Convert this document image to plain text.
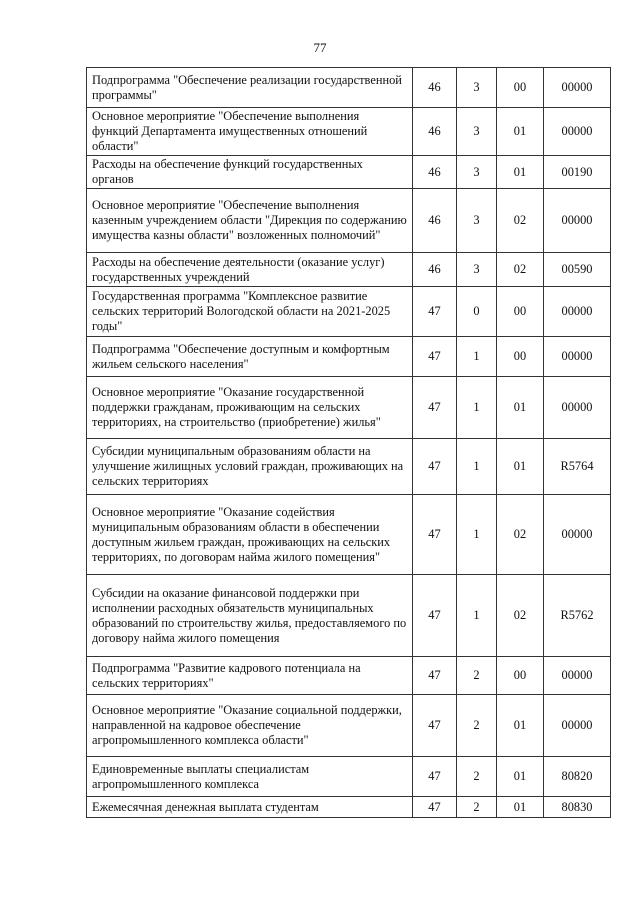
77
Подпрограмма "Обеспечение реализации государственной программы"	46	3	00	00000
Основное мероприятие "Обеспечение выполнения функций Департамента имущественных отношений области"	46	3	01	00000
Расходы на обеспечение функций государственных органов	46	3	01	00190
Основное мероприятие "Обеспечение выполнения казенным учреждением области "Дирекция по содержанию имущества казны области" возложенных полномочий"	46	3	02	00000
Расходы на обеспечение деятельности (оказание услуг) государственных учреждений	46	3	02	00590
Государственная программа "Комплексное развитие сельских территорий Вологодской области на 2021-2025 годы"	47	0	00	00000
Подпрограмма "Обеспечение доступным и комфортным жильем сельского населения"	47	1	00	00000
Основное мероприятие "Оказание государственной поддержки гражданам, проживающим на сельских территориях, на строительство (приобретение) жилья"	47	1	01	00000
Субсидии муниципальным образованиям области на улучшение жилищных условий граждан, проживающих на сельских территориях	47	1	01	R5764
Основное мероприятие "Оказание содействия муниципальным образованиям области в обеспечении доступным жильем граждан, проживающих на сельских территориях, по договорам найма жилого помещения"	47	1	02	00000
Субсидии на оказание финансовой поддержки при исполнении расходных обязательств муниципальных образований по строительству жилья, предоставляемого по договору найма жилого помещения	47	1	02	R5762
Подпрограмма "Развитие кадрового потенциала на сельских территориях"	47	2	00	00000
Основное мероприятие "Оказание социальной поддержки, направленной на кадровое обеспечение агропромышленного комплекса области"	47	2	01	00000
Единовременные выплаты специалистам агропромышленного комплекса	47	2	01	80820
Ежемесячная денежная выплата студентам	47	2	01	80830
